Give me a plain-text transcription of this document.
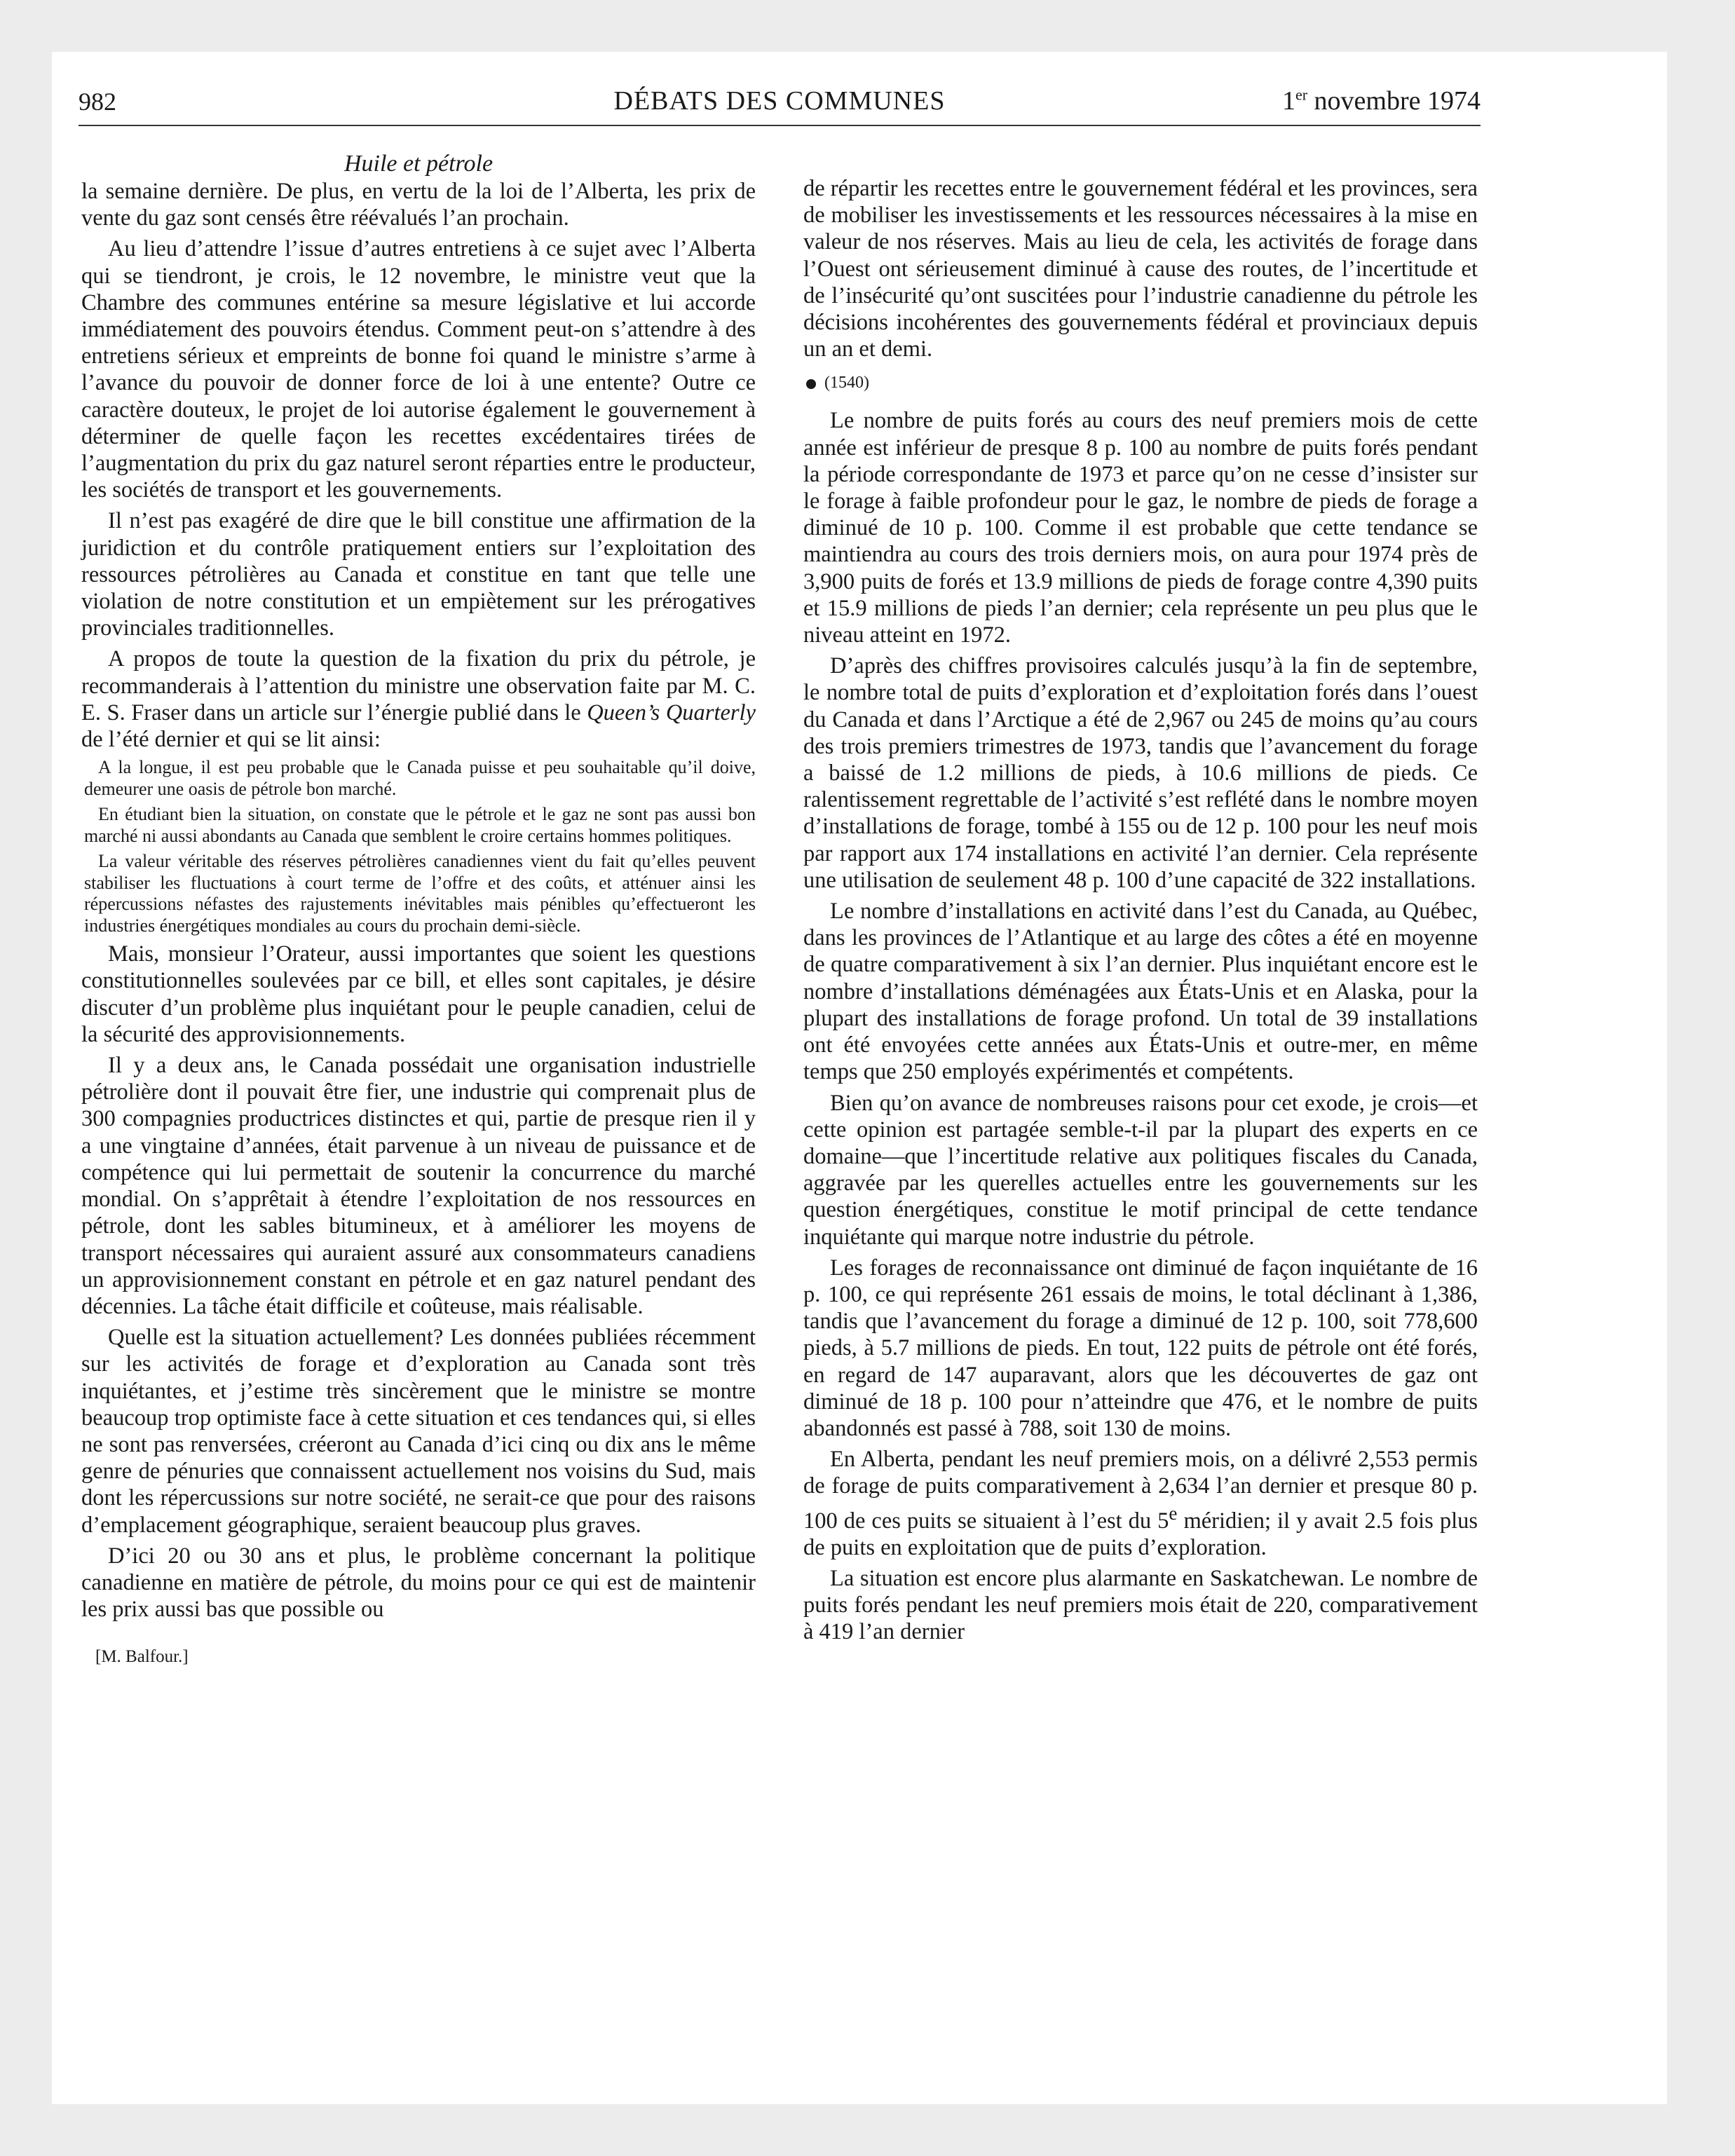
982	DÉBATS DES COMMUNES	1er novembre 1974
Huile et pétrole

la semaine dernière. De plus, en vertu de la loi de l’Alberta, les prix de vente du gaz sont censés être réévalués l’an prochain.

Au lieu d’attendre l’issue d’autres entretiens à ce sujet avec l’Alberta qui se tiendront, je crois, le 12 novembre, le ministre veut que la Chambre des communes entérine sa mesure législative et lui accorde immédiatement des pouvoirs étendus. Comment peut-on s’attendre à des entretiens sérieux et empreints de bonne foi quand le ministre s’arme à l’avance du pouvoir de donner force de loi à une entente? Outre ce caractère douteux, le projet de loi autorise également le gouvernement à déterminer de quelle façon les recettes excédentaires tirées de l’augmentation du prix du gaz naturel seront réparties entre le producteur, les sociétés de transport et les gouvernements.

Il n’est pas exagéré de dire que le bill constitue une affirmation de la juridiction et du contrôle pratiquement entiers sur l’exploitation des ressources pétrolières au Canada et constitue en tant que telle une violation de notre constitution et un empiètement sur les prérogatives provinciales traditionnelles.

A propos de toute la question de la fixation du prix du pétrole, je recommanderais à l’attention du ministre une observation faite par M. C. E. S. Fraser dans un article sur l’énergie publié dans le Queen’s Quarterly de l’été dernier et qui se lit ainsi:

A la longue, il est peu probable que le Canada puisse et peu souhaitable qu’il doive, demeurer une oasis de pétrole bon marché.
En étudiant bien la situation, on constate que le pétrole et le gaz ne sont pas aussi bon marché ni aussi abondants au Canada que semblent le croire certains hommes politiques.
La valeur véritable des réserves pétrolières canadiennes vient du fait qu’elles peuvent stabiliser les fluctuations à court terme de l’offre et des coûts, et atténuer ainsi les répercussions néfastes des rajustements inévitables mais pénibles qu’effectueront les industries énergétiques mondiales au cours du prochain demi-siècle.

Mais, monsieur l’Orateur, aussi importantes que soient les questions constitutionnelles soulevées par ce bill, et elles sont capitales, je désire discuter d’un problème plus inquiétant pour le peuple canadien, celui de la sécurité des approvisionnements.

Il y a deux ans, le Canada possédait une organisation industrielle pétrolière dont il pouvait être fier, une industrie qui comprenait plus de 300 compagnies productrices distinctes et qui, partie de presque rien il y a une vingtaine d’années, était parvenue à un niveau de puissance et de compétence qui lui permettait de soutenir la concurrence du marché mondial. On s’apprêtait à étendre l’exploitation de nos ressources en pétrole, dont les sables bitumineux, et à améliorer les moyens de transport nécessaires qui auraient assuré aux consommateurs canadiens un approvisionnement constant en pétrole et en gaz naturel pendant des décennies. La tâche était difficile et coûteuse, mais réalisable.

Quelle est la situation actuellement? Les données publiées récemment sur les activités de forage et d’exploration au Canada sont très inquiétantes, et j’estime très sincèrement que le ministre se montre beaucoup trop optimiste face à cette situation et ces tendances qui, si elles ne sont pas renversées, créeront au Canada d’ici cinq ou dix ans le même genre de pénuries que connaissent actuellement nos voisins du Sud, mais dont les répercussions sur notre société, ne serait-ce que pour des raisons d’emplacement géographique, seraient beaucoup plus graves.

D’ici 20 ou 30 ans et plus, le problème concernant la politique canadienne en matière de pétrole, du moins pour ce qui est de maintenir les prix aussi bas que possible ou

[M. Balfour.]

de répartir les recettes entre le gouvernement fédéral et les provinces, sera de mobiliser les investissements et les ressources nécessaires à la mise en valeur de nos réserves. Mais au lieu de cela, les activités de forage dans l’Ouest ont sérieusement diminué à cause des routes, de l’incertitude et de l’insécurité qu’ont suscitées pour l’industrie canadienne du pétrole les décisions incohérentes des gouvernements fédéral et provinciaux depuis un an et demi.

(1540)

Le nombre de puits forés au cours des neuf premiers mois de cette année est inférieur de presque 8 p. 100 au nombre de puits forés pendant la période correspondante de 1973 et parce qu’on ne cesse d’insister sur le forage à faible profondeur pour le gaz, le nombre de pieds de forage a diminué de 10 p. 100. Comme il est probable que cette tendance se maintiendra au cours des trois derniers mois, on aura pour 1974 près de 3,900 puits de forés et 13.9 millions de pieds de forage contre 4,390 puits et 15.9 millions de pieds l’an dernier; cela représente un peu plus que le niveau atteint en 1972.

D’après des chiffres provisoires calculés jusqu’à la fin de septembre, le nombre total de puits d’exploration et d’exploitation forés dans l’ouest du Canada et dans l’Arctique a été de 2,967 ou 245 de moins qu’au cours des trois premiers trimestres de 1973, tandis que l’avancement du forage a baissé de 1.2 millions de pieds, à 10.6 millions de pieds. Ce ralentissement regrettable de l’activité s’est reflété dans le nombre moyen d’installations de forage, tombé à 155 ou de 12 p. 100 pour les neuf mois par rapport aux 174 installations en activité l’an dernier. Cela représente une utilisation de seulement 48 p. 100 d’une capacité de 322 installations.

Le nombre d’installations en activité dans l’est du Canada, au Québec, dans les provinces de l’Atlantique et au large des côtes a été en moyenne de quatre comparativement à six l’an dernier. Plus inquiétant encore est le nombre d’installations déménagées aux États-Unis et en Alaska, pour la plupart des installations de forage profond. Un total de 39 installations ont été envoyées cette années aux États-Unis et outre-mer, en même temps que 250 employés expérimentés et compétents.

Bien qu’on avance de nombreuses raisons pour cet exode, je crois—et cette opinion est partagée semble-t-il par la plupart des experts en ce domaine—que l’incertitude relative aux politiques fiscales du Canada, aggravée par les querelles actuelles entre les gouvernements sur les question énergétiques, constitue le motif principal de cette tendance inquiétante qui marque notre industrie du pétrole.

Les forages de reconnaissance ont diminué de façon inquiétante de 16 p. 100, ce qui représente 261 essais de moins, le total déclinant à 1,386, tandis que l’avancement du forage a diminué de 12 p. 100, soit 778,600 pieds, à 5.7 millions de pieds. En tout, 122 puits de pétrole ont été forés, en regard de 147 auparavant, alors que les découvertes de gaz ont diminué de 18 p. 100 pour n’atteindre que 476, et le nombre de puits abandonnés est passé à 788, soit 130 de moins.

En Alberta, pendant les neuf premiers mois, on a délivré 2,553 permis de forage de puits comparativement à 2,634 l’an dernier et presque 80 p. 100 de ces puits se situaient à l’est du 5e méridien; il y avait 2.5 fois plus de puits en exploitation que de puits d’exploration.

La situation est encore plus alarmante en Saskatchewan. Le nombre de puits forés pendant les neuf premiers mois était de 220, comparativement à 419 l’an dernier
